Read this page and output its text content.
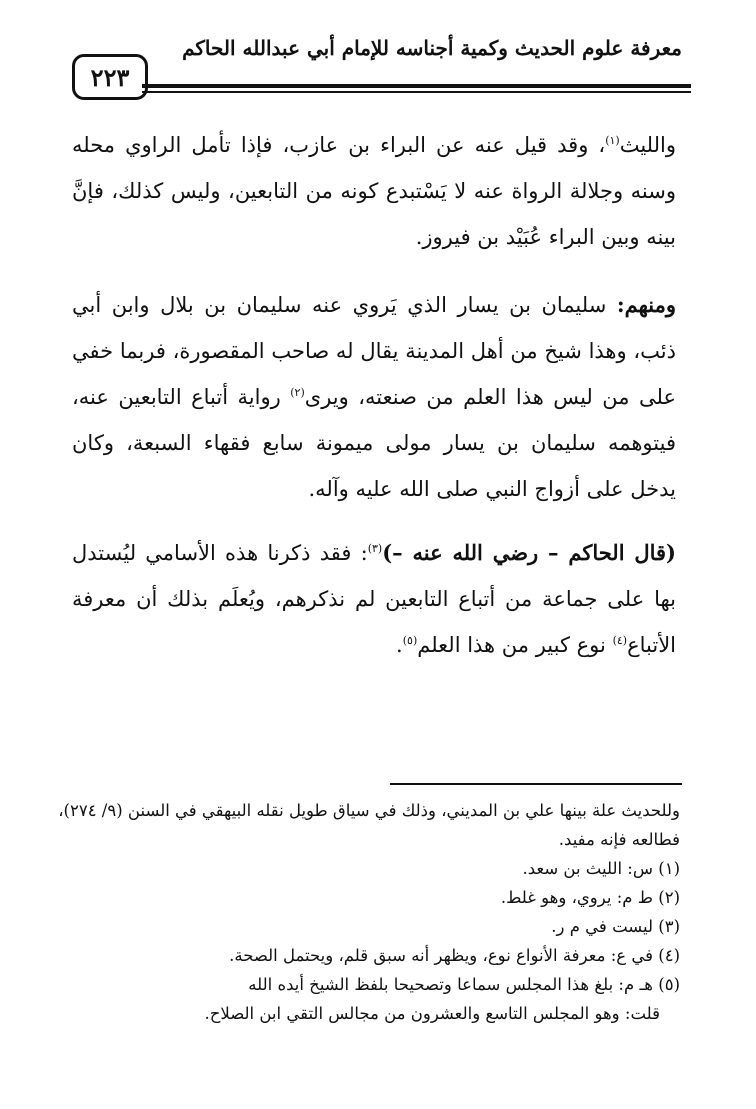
معرفة علوم الحديث وكمية أجناسه للإمام أبي عبدالله الحاكم
٢٢٣

والليث$^{(١)}$، وقد قيل عنه عن البراء بن عازب، فإذا تأمل الراوي محله وسنه وجلالة الرواة عنه لا يَسْتبدع كونه من التابعين، وليس كذلك، فإنَّ بينه وبين البراء عُبَيْد بن فيروز.

ومنهم: سليمان بن يسار الذي يَروي عنه سليمان بن بلال وابن أبي ذئب، وهذا شيخ من أهل المدينة يقال له صاحب المقصورة، فربما خفي على من ليس هذا العلم من صنعته، ويرى$^{(٢)}$ رواية أتباع التابعين عنه، فيتوهمه سليمان بن يسار مولى ميمونة سابع فقهاء السبعة، وكان يدخل على أزواج النبي صلى الله عليه وآله.

(قال الحاكم – رضي الله عنه –)$^{(٣)}$: فقد ذكرنا هذه الأسامي ليُستدل بها على جماعة من أتباع التابعين لم نذكرهم، ويُعلَم بذلك أن معرفة الأتباع$^{(٤)}$ نوع كبير من هذا العلم$^{(٥)}$.

وللحديث علة بينها علي بن المديني، وذلك في سياق طويل نقله البيهقي في السنن (٩/ ٢٧٤)،
فطالعه فإنه مفيد.
(١) س: الليث بن سعد.
(٢) ط م: يروي، وهو غلط.
(٣) ليست في م ر.
(٤) في ع: معرفة الأنواع نوع، ويظهر أنه سبق قلم، ويحتمل الصحة.
(٥) هـ م: بلغ هذا المجلس سماعا وتصحيحا بلفظ الشيخ أيده الله
قلت: وهو المجلس التاسع والعشرون من مجالس التقي ابن الصلاح.
